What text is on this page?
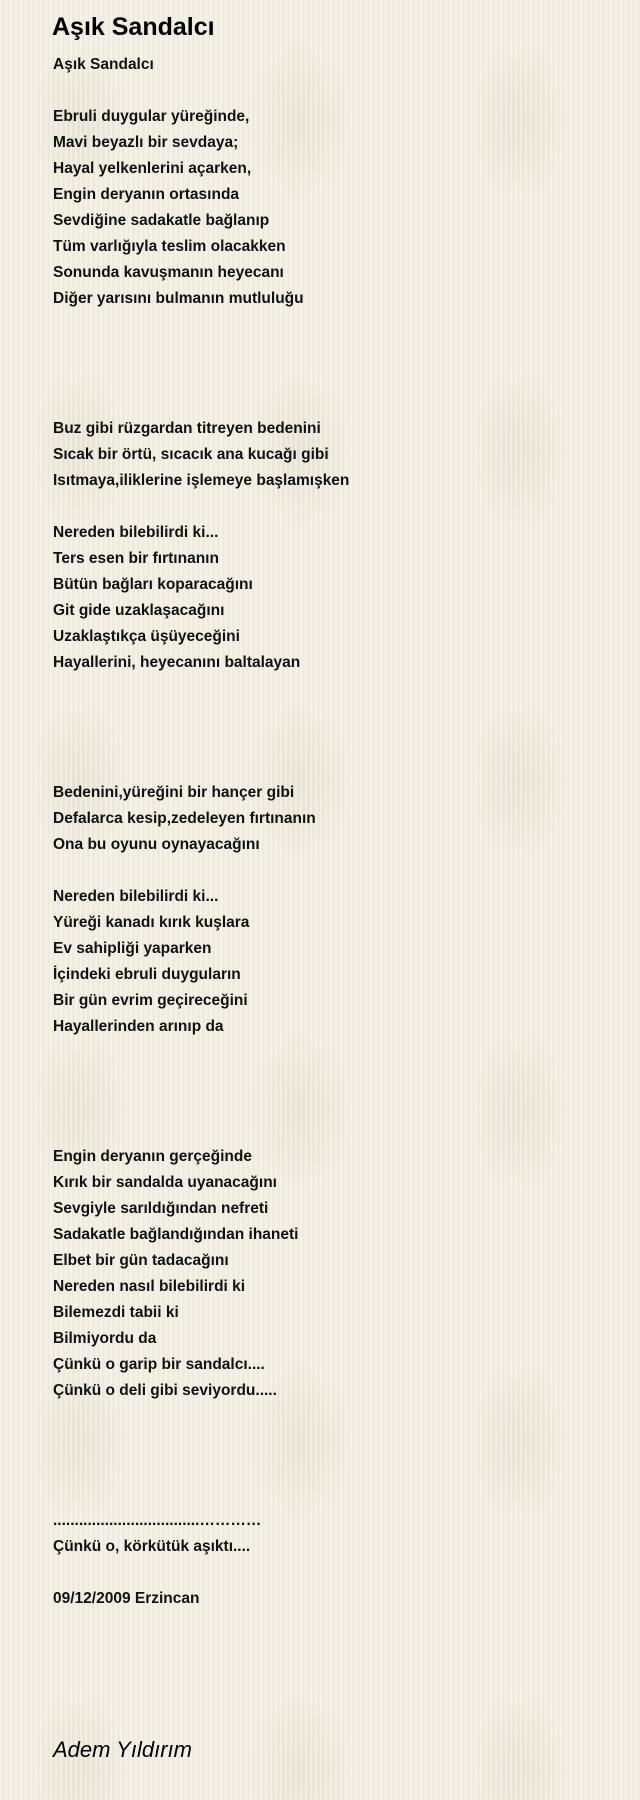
Aşık Sandalcı
Aşık Sandalcı
Ebruli duygular yüreğinde,
Mavi beyazlı bir sevdaya;
Hayal yelkenlerini açarken,
Engin deryanın ortasında
Sevdiğine sadakatle bağlanıp
Tüm varlığıyla teslim olacakken
Sonunda kavuşmanın heyecanı
Diğer yarısını bulmanın mutluluğu
Buz gibi rüzgardan titreyen bedenini
Sıcak bir örtü, sıcacık ana kucağı gibi
Isıtmaya,iliklerine işlemeye başlamışken
Nereden bilebilirdi ki...
Ters esen bir fırtınanın
Bütün bağları koparacağını
Git gide uzaklaşacağını
Uzaklaştıkça üşüyeceğini
Hayallerini, heyecanını baltalayan
Bedenini,yüreğini bir hançer gibi
Defalarca kesip,zedeleyen fırtınanın
Ona bu oyunu oynayacağını
Nereden bilebilirdi ki...
Yüreği kanadı kırık kuşlara
Ev sahipliği yaparken
İçindeki ebruli duyguların
Bir gün evrim geçireceğini
Hayallerinden arınıp da
Engin deryanın gerçeğinde
Kırık bir sandalda uyanacağını
Sevgiyle sarıldığından nefreti
Sadakatle bağlandığından ihaneti
Elbet bir gün tadacağını
Nereden nasıl bilebilirdi ki
Bilemezdi tabii ki
Bilmiyordu da
Çünkü o garip bir sandalcı....
Çünkü o deli gibi seviyordu.....
..................................…………
Çünkü o, körkütük aşıktı....
09/12/2009 Erzincan
Adem Yıldırım
